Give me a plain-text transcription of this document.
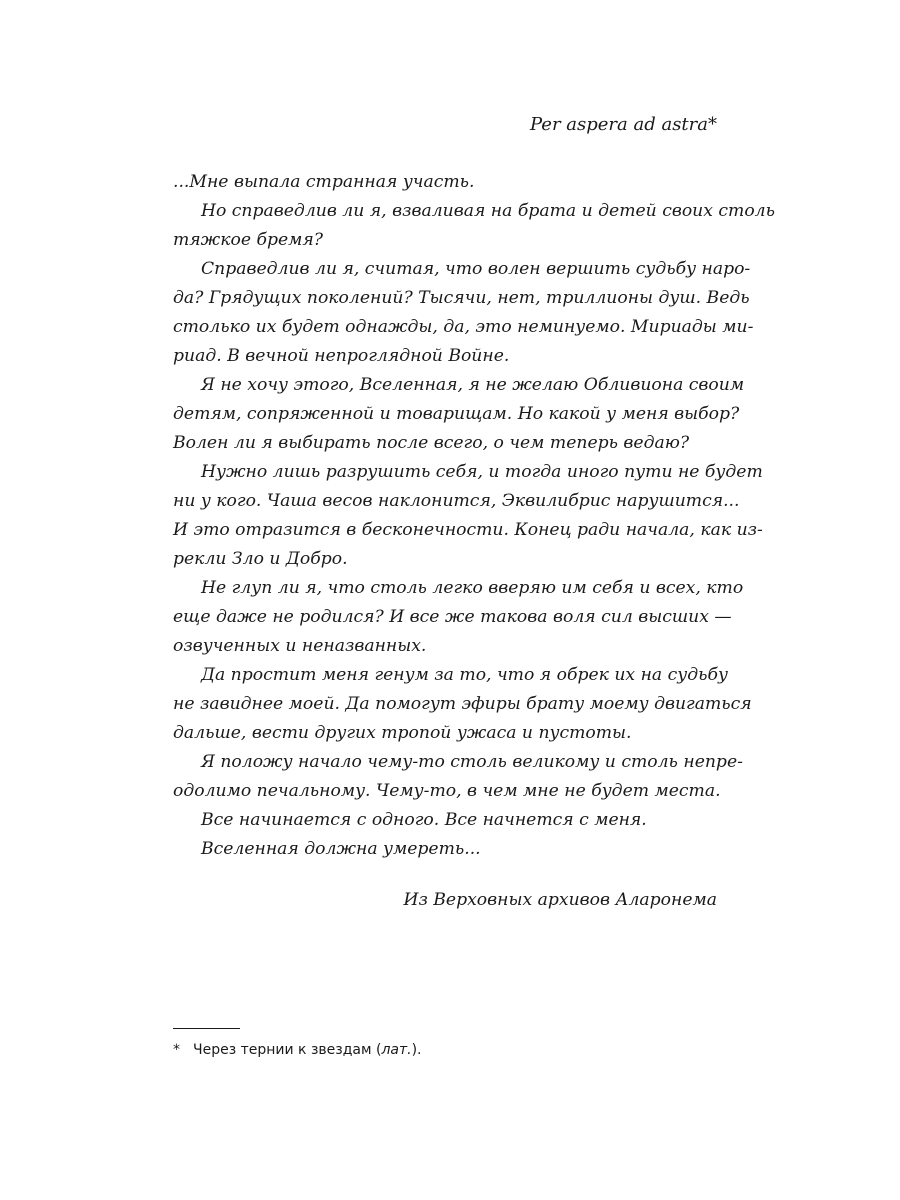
Per aspera ad astra*
...Мне выпала странная участь.
Но справедлив ли я, взваливая на брата и детей своих столь
тяжкое бремя?
Справедлив ли я, считая, что волен вершить судьбу наро-
да? Грядущих поколений? Тысячи, нет, триллионы душ. Ведь
столько их будет однажды, да, это неминуемо. Мириады ми-
риад. В вечной непроглядной Войне.
Я не хочу этого, Вселенная, я не желаю Обливиона своим
детям, сопряженной и товарищам. Но какой у меня выбор?
Волен ли я выбирать после всего, о чем теперь ведаю?
Нужно лишь разрушить себя, и тогда иного пути не будет
ни у кого. Чаша весов наклонится, Эквилибрис нарушится...
И это отразится в бесконечности. Конец ради начала, как из-
рекли Зло и Добро.
Не глуп ли я, что столь легко вверяю им себя и всех, кто
еще даже не родился? И все же такова воля сил высших —
озвученных и неназванных.
Да простит меня генум за то, что я обрек их на судьбу
не завиднее моей. Да помогут эфиры брату моему двигаться
дальше, вести других тропой ужаса и пустоты.
Я положу начало чему-то столь великому и столь непре-
одолимо печальному. Чему-то, в чем мне не будет места.
Все начинается с одного. Все начнется с меня.
Вселенная должна умереть...
Из Верховных архивов Аларонема
* Через тернии к звездам (лат.).
